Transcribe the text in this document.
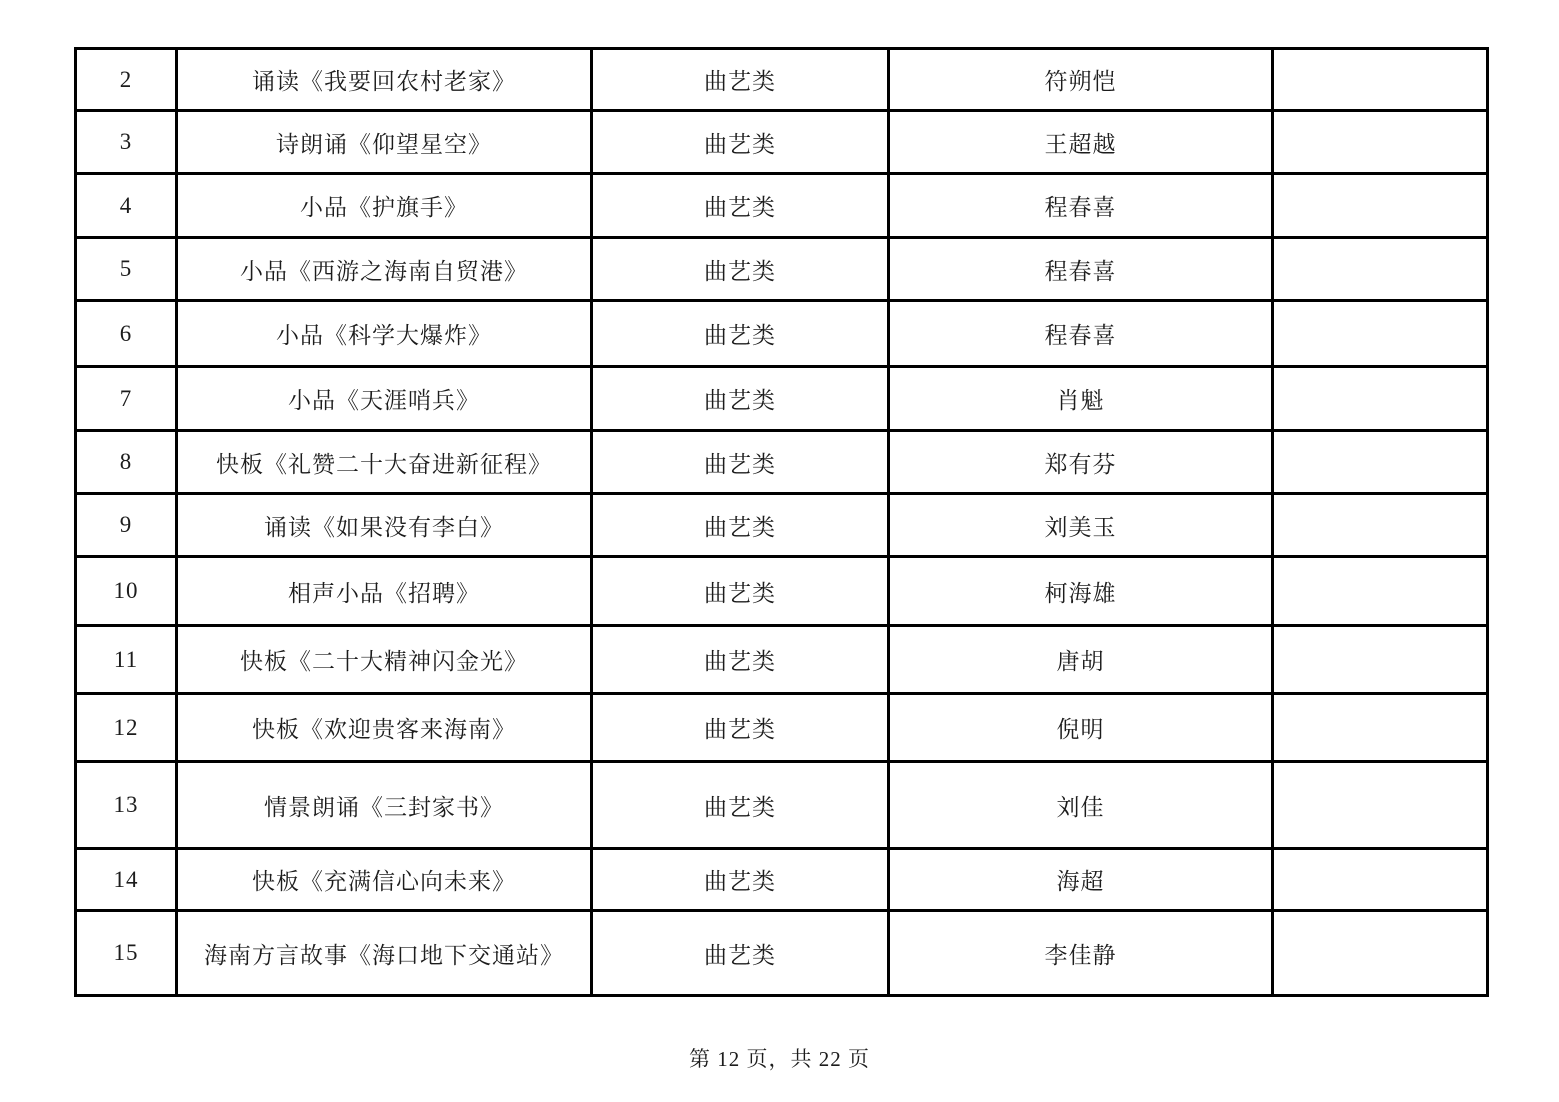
2	诵读《我要回农村老家》	曲艺类	符朔恺	
3	诗朗诵《仰望星空》	曲艺类	王超越	
4	小品《护旗手》	曲艺类	程春喜	
5	小品《西游之海南自贸港》	曲艺类	程春喜	
6	小品《科学大爆炸》	曲艺类	程春喜	
7	小品《天涯哨兵》	曲艺类	肖魁	
8	快板《礼赞二十大奋进新征程》	曲艺类	郑有芬	
9	诵读《如果没有李白》	曲艺类	刘美玉	
10	相声小品《招聘》	曲艺类	柯海雄	
11	快板《二十大精神闪金光》	曲艺类	唐胡	
12	快板《欢迎贵客来海南》	曲艺类	倪明	
13	情景朗诵《三封家书》	曲艺类	刘佳	
14	快板《充满信心向未来》	曲艺类	海超	
15	海南方言故事《海口地下交通站》	曲艺类	李佳静	
第 12 页，共 22 页
